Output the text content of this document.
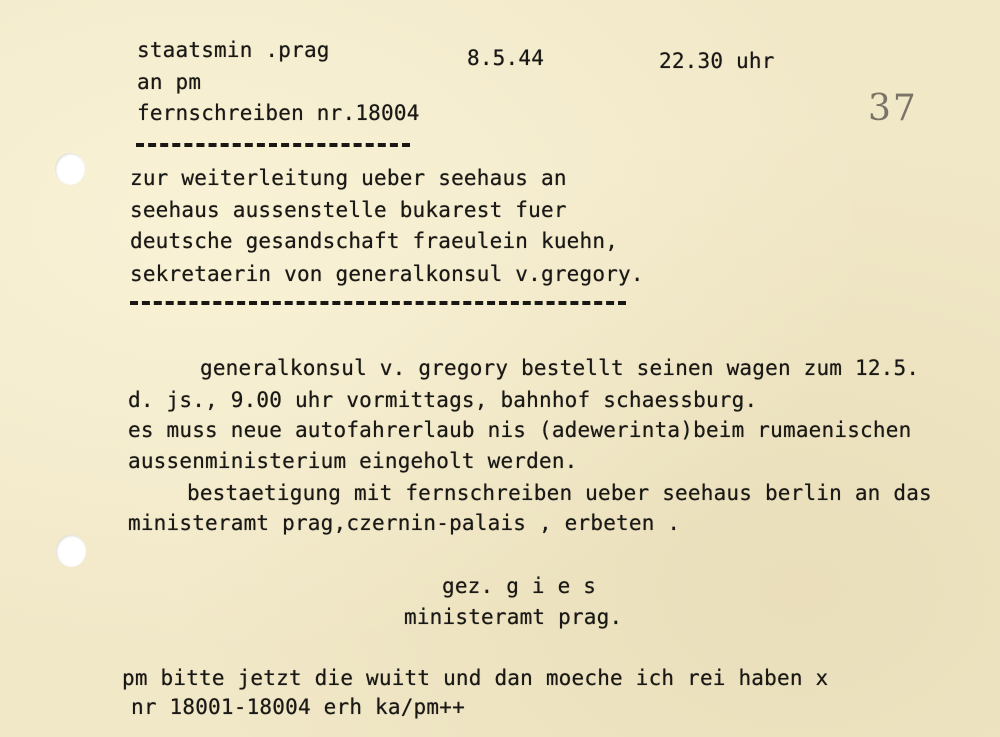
37
staatsmin .prag	8.5.44	22.30 uhr
an pm
fernschreiben nr.18004
zur weiterleitung ueber seehaus an
seehaus aussenstelle bukarest fuer
deutsche gesandschaft fraeulein kuehn,
sekretaerin von generalkonsul v.gregory.
generalkonsul v. gregory bestellt seinen wagen zum 12.5.
d. js., 9.00 uhr vormittags, bahnhof schaessburg.
es muss neue autofahrerlaub nis (adewerinta)beim rumaenischen
aussenministerium eingeholt werden.
bestaetigung mit fernschreiben ueber seehaus berlin an das
ministeramt prag,czernin-palais , erbeten .
gez. g i e s
ministeramt prag.
pm bitte jetzt die wuitt und dan moeche ich rei haben x
nr 18001-18004 erh ka/pm++
